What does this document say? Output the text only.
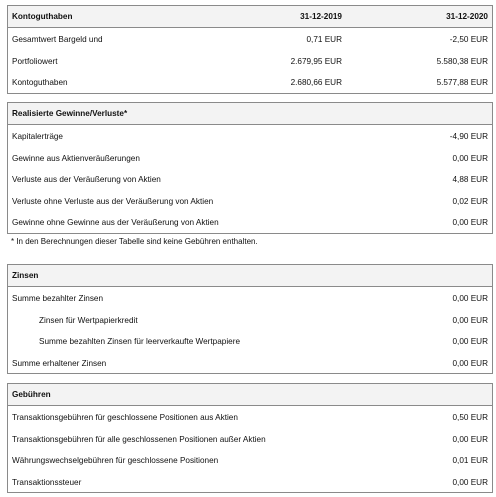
Kontoguthaben	31-12-2019	31-12-2020
Gesamtwert Bargeld und	0,71 EUR	-2,50 EUR
Portfoliowert	2.679,95 EUR	5.580,38 EUR
Kontoguthaben	2.680,66 EUR	5.577,88 EUR
Realisierte Gewinne/Verluste*
Kapitalerträge	-4,90 EUR
Gewinne aus Aktienveräußerungen	0,00 EUR
Verluste aus der Veräußerung von Aktien	4,88 EUR
Verluste ohne Verluste aus der Veräußerung von Aktien	0,02 EUR
Gewinne ohne Gewinne aus der Veräußerung von Aktien	0,00 EUR
* In den Berechnungen dieser Tabelle sind keine Gebühren enthalten.
Zinsen
Summe bezahlter Zinsen	0,00 EUR
Zinsen für Wertpapierkredit	0,00 EUR
Summe bezahlten Zinsen für leerverkaufte Wertpapiere	0,00 EUR
Summe erhaltener Zinsen	0,00 EUR
Gebühren
Transaktionsgebühren für geschlossene Positionen aus Aktien	0,50 EUR
Transaktionsgebühren für alle geschlossenen Positionen außer Aktien	0,00 EUR
Währungswechselgebühren für geschlossene Positionen	0,01 EUR
Transaktionssteuer	0,00 EUR
